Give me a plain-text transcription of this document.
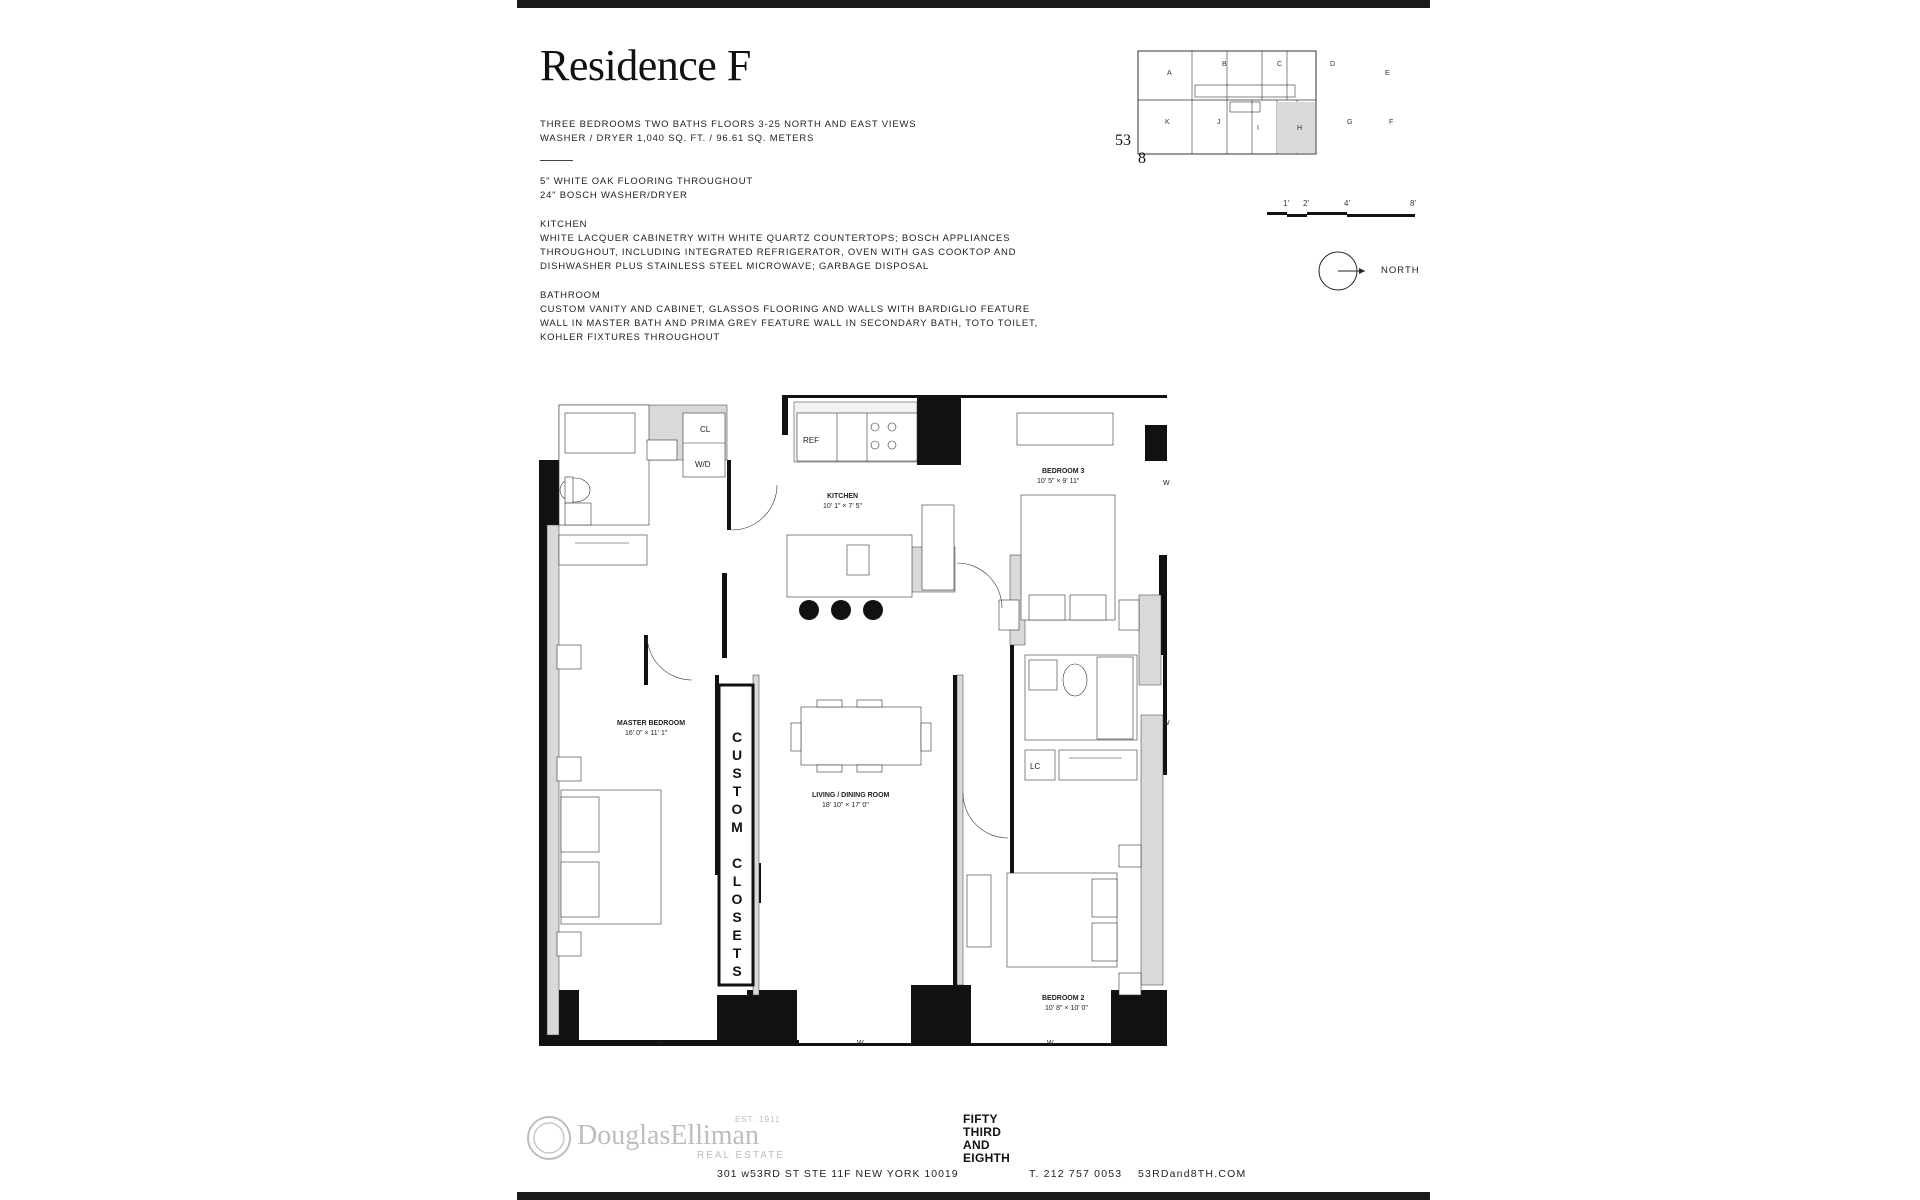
Residence F
THREE BEDROOMS TWO BATHS FLOORS 3-25 NORTH AND EAST VIEWS
WASHER / DRYER 1,040 SQ. FT. / 96.61 SQ. METERS
5" WHITE OAK FLOORING THROUGHOUT
24" BOSCH WASHER/DRYER
KITCHEN
WHITE LACQUER CABINETRY WITH WHITE QUARTZ COUNTERTOPS; BOSCH APPLIANCES
THROUGHOUT, INCLUDING INTEGRATED REFRIGERATOR, OVEN WITH GAS COOKTOP AND
DISHWASHER PLUS STAINLESS STEEL MICROWAVE; GARBAGE DISPOSAL
BATHROOM
CUSTOM VANITY AND CABINET, GLASSOS FLOORING AND WALLS WITH BARDIGLIO FEATURE
WALL IN MASTER BATH AND PRIMA GREY FEATURE WALL IN SECONDARY BATH, TOTO TOILET,
KOHLER FIXTURES THROUGHOUT
A
B	C	D
E
K	J
I	H
G	F
53
8
1' 2'	4'	8'
NORTH
CL
W/D
REF
KITCHEN
10' 1" × 7' 5"
BEDROOM 3
10' 5" × 9' 11"
LC
LIVING / DINING ROOM
18' 10" × 17' 0"
MASTER BEDROOM
16' 0" × 11' 1"
BEDROOM 2
10' 8" × 10' 0"
W	W	W
W
W
CUSTOM CLOSETS
DouglasElliman
EST. 1911
REAL ESTATE
301 w53RD ST STE 11F NEW YORK 10019
FIFTY
THIRD
AND
EIGHTH
T. 212 757 0053 53RDand8TH.COM
